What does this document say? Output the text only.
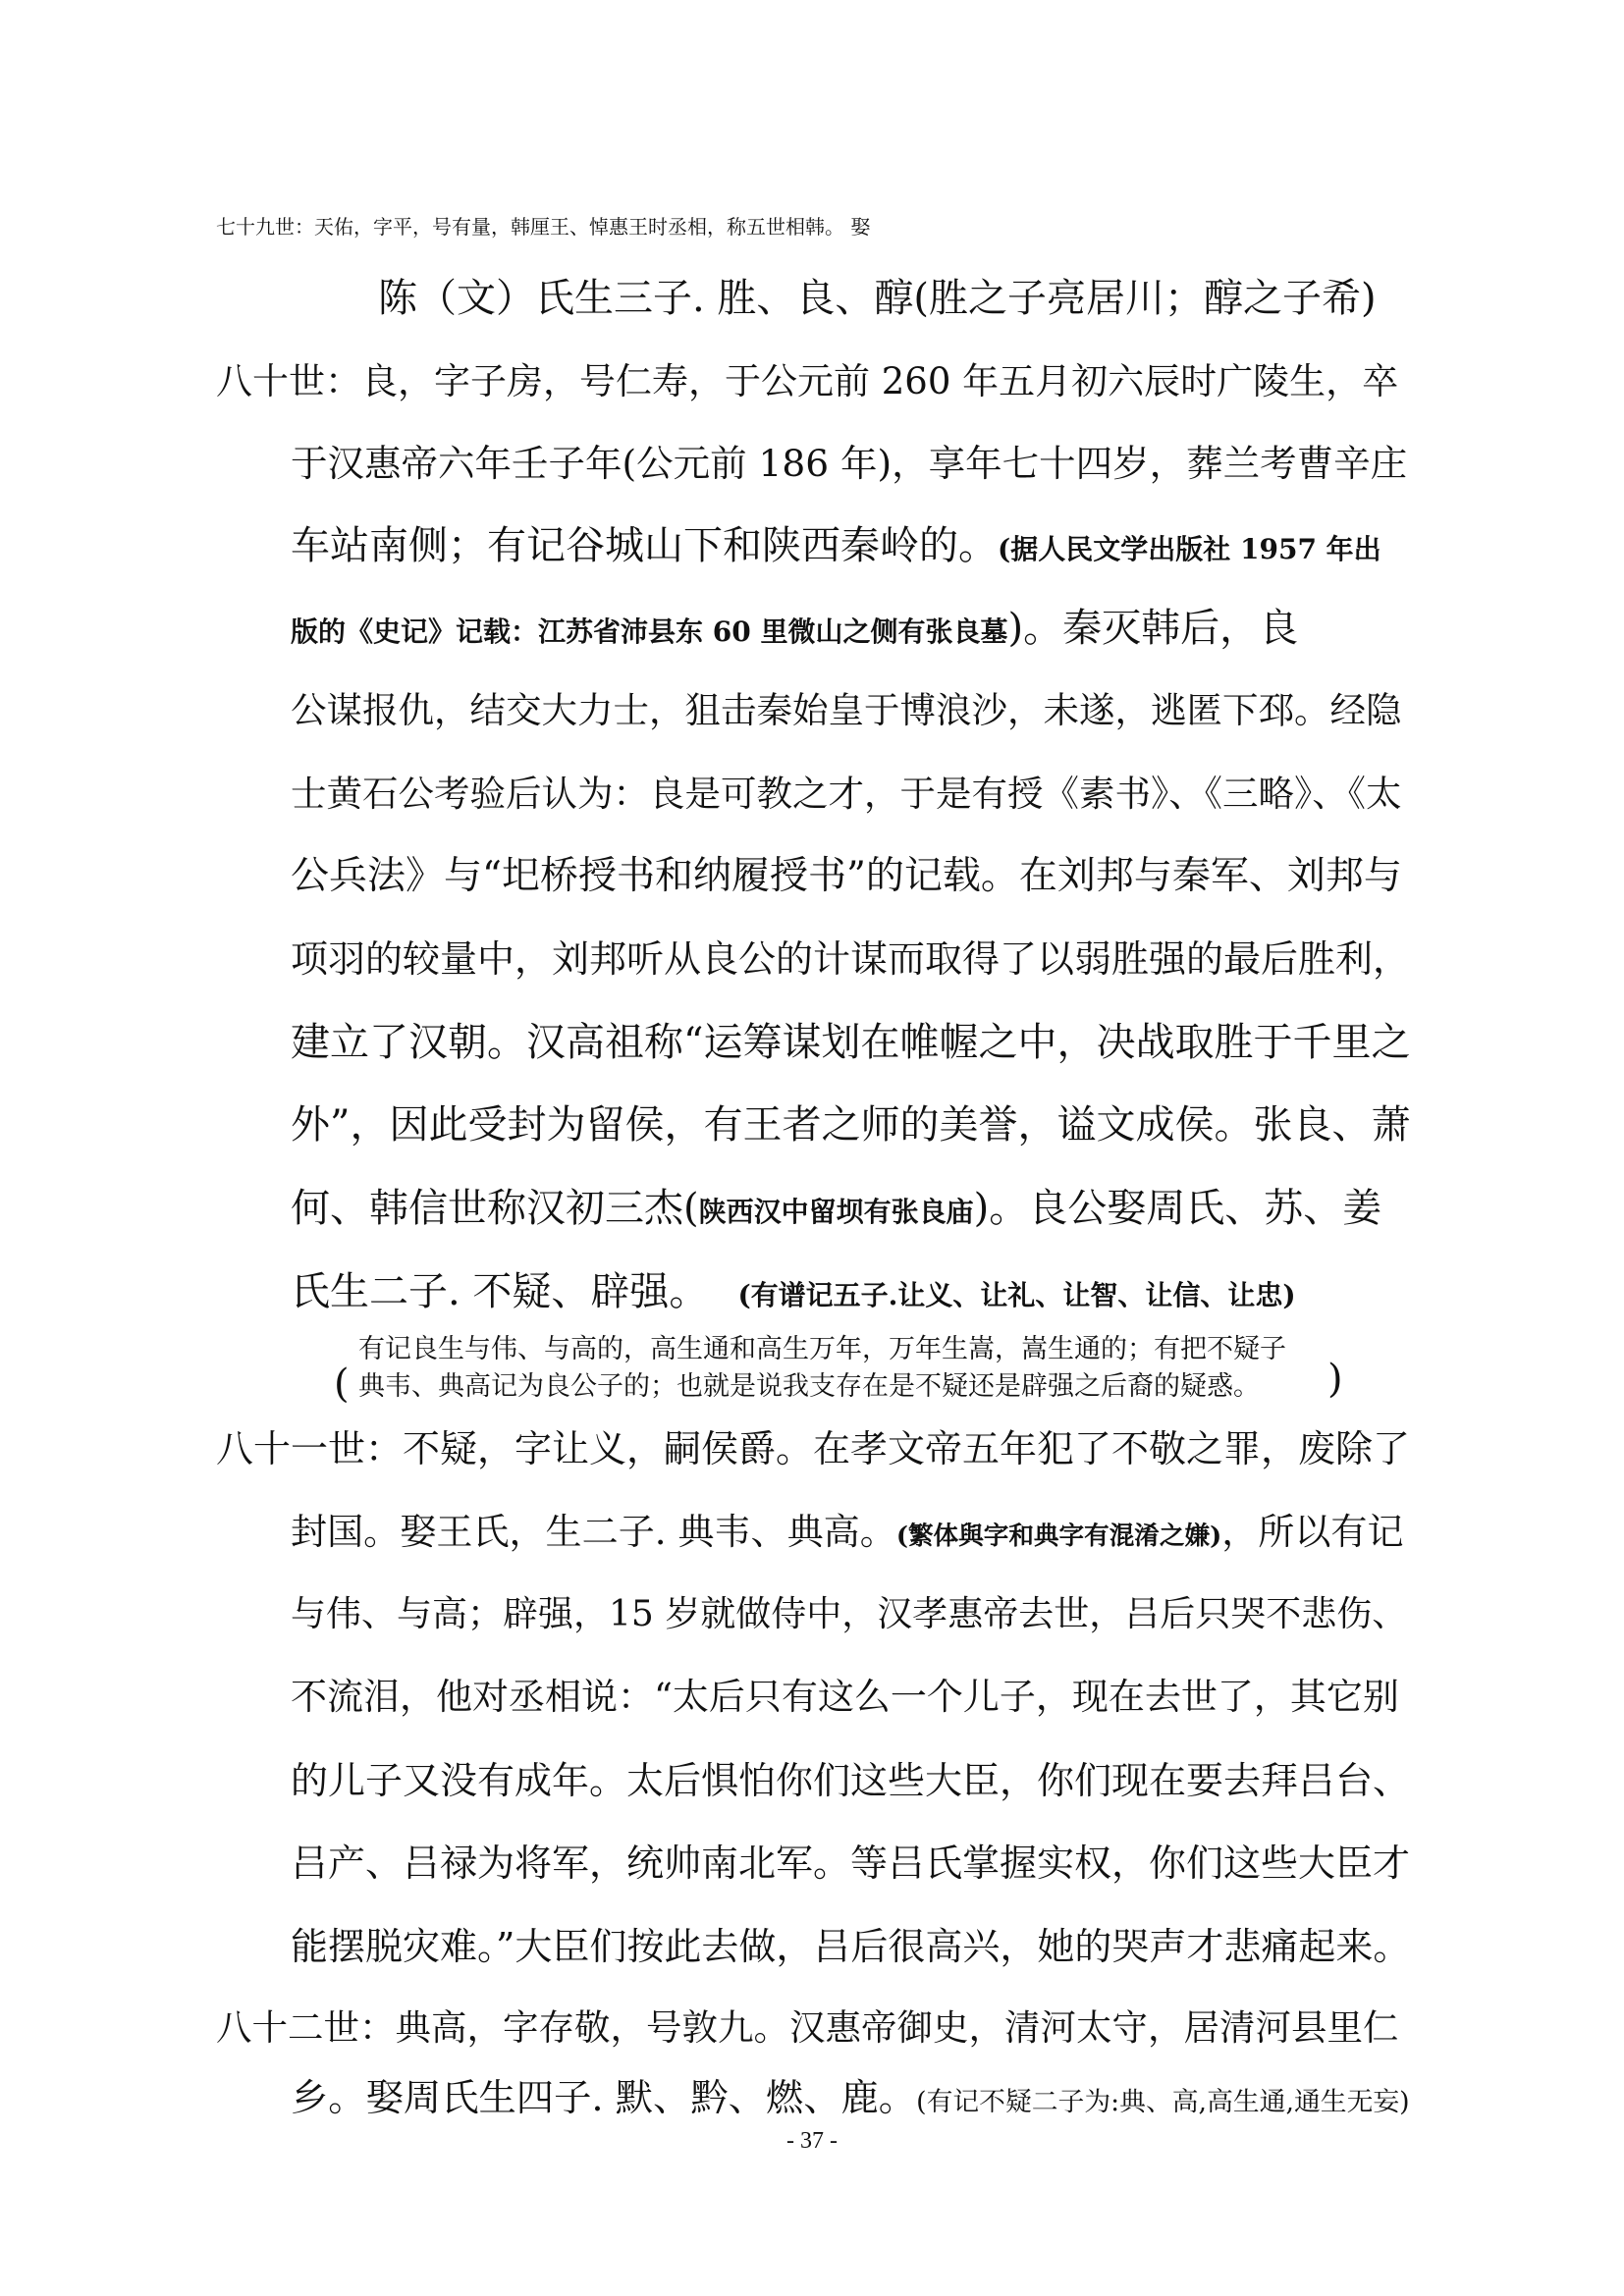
七十九世：天佑，字平，号有量，韩厘王、悼惠王时丞相，称五世相韩。 娶
陈（文）氏生三子. 胜、良、醇(胜之子亮居川；醇之子希)
八十世：良，字子房，号仁寿，于公元前 260 年五月初六辰时广陵生，卒
于汉惠帝六年壬子年(公元前 186 年)，享年七十四岁，葬兰考曹辛庄
车站南侧；有记谷城山下和陕西秦岭的。(据人民文学出版社 1957 年出
版的《史记》记载：江苏省沛县东 60 里微山之侧有张良墓)。秦灭韩后，良
公谋报仇，结交大力士，狙击秦始皇于博浪沙，未遂，逃匿下邳。经隐
士黄石公考验后认为：良是可教之才，于是有授《素书》、《三略》、《太
公兵法》与“圯桥授书和纳履授书”的记载。在刘邦与秦军、刘邦与
项羽的较量中，刘邦听从良公的计谋而取得了以弱胜强的最后胜利，
建立了汉朝。汉高祖称“运筹谋划在帷幄之中，决战取胜于千里之
外”，因此受封为留侯，有王者之师的美誉，谥文成侯。张良、萧
何、韩信世称汉初三杰(陕西汉中留坝有张良庙)。良公娶周氏、苏、姜
氏生二子. 不疑、辟强。 (有谱记五子.让义、让礼、让智、让信、让忠)
(
有记良生与伟、与高的，高生通和高生万年，万年生嵩，嵩生通的；有把不疑子
典韦、典高记为良公子的；也就是说我支存在是不疑还是辟强之后裔的疑惑。 )
八十一世：不疑，字让义，嗣侯爵。在孝文帝五年犯了不敬之罪，废除了
封国。娶王氏，生二子. 典韦、典高。(繁体與字和典字有混淆之嫌)，所以有记
与伟、与高；辟强，15 岁就做侍中，汉孝惠帝去世，吕后只哭不悲伤、
不流泪，他对丞相说：“太后只有这么一个儿子，现在去世了，其它别
的儿子又没有成年。太后惧怕你们这些大臣，你们现在要去拜吕台、
吕产、吕禄为将军，统帅南北军。等吕氏掌握实权，你们这些大臣才
能摆脱灾难。”大臣们按此去做，吕后很高兴，她的哭声才悲痛起来。
八十二世：典高，字存敬，号敦九。汉惠帝御史，清河太守，居清河县里仁
乡。娶周氏生四子. 默、黔、燃、鹿。(有记不疑二子为:典、高,高生通,通生无妄)
- 37 -
